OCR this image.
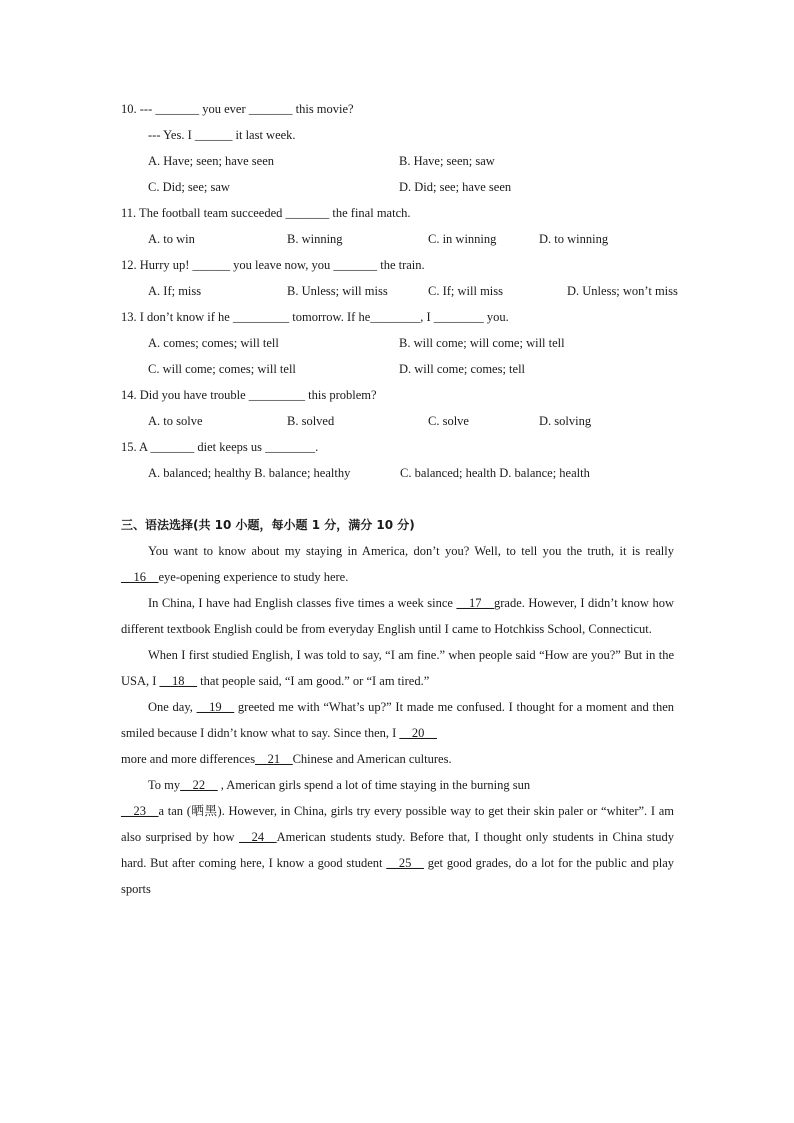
10. --- _______ you ever _______ this movie?
--- Yes. I ______ it last week.
A. Have; seen; have seen	B. Have; seen; saw
C. Did; see; saw	D. Did; see; have seen
11. The football team succeeded _______ the final match.
A. to win	B. winning	C. in winning	D. to winning
12. Hurry up! ______ you leave now, you _______ the train.
A. If; miss	B. Unless; will miss	C. If; will miss	D. Unless; won’t miss
13. I don’t know if he _________ tomorrow. If he________, I ________ you.
A. comes; comes; will tell	B. will come; will come; will tell
C. will come; comes; will tell	D. will come; comes; tell
14. Did you have trouble _________ this problem?
A. to solve	B. solved	C. solve	D. solving
15. A _______ diet keeps us ________.
A. balanced; healthy B. balance; healthy	C. balanced; health D. balance; health
三、语法选择(共 10 小题，每小题 1 分，满分 10 分)

You want to know about my staying in America, don’t you? Well, to tell you the truth, it is really __16__eye-opening experience to study here.

In China, I have had English classes five times a week since __17__grade. However, I didn’t know how different textbook English could be from everyday English until I came to Hotchkiss School, Connecticut.

When I first studied English, I was told to say, “I am fine.” when people said “How are you?” But in the USA, I __18__ that people said, “I am good.” or “I am tired.”

One day, __19__ greeted me with “What’s up?” It made me confused. I thought for a moment and then smiled because I didn’t know what to say. Since then, I __20__

more and more differences__21__Chinese and American cultures.

To my__22__ , American girls spend a lot of time staying in the burning sun

__23__a tan (晒黑). However, in China, girls try every possible way to get their skin paler or “whiter”. I am also surprised by how __24__American students study. Before that, I thought only students in China study hard. But after coming here, I know a good student __25__ get good grades, do a lot for the public and play sports
